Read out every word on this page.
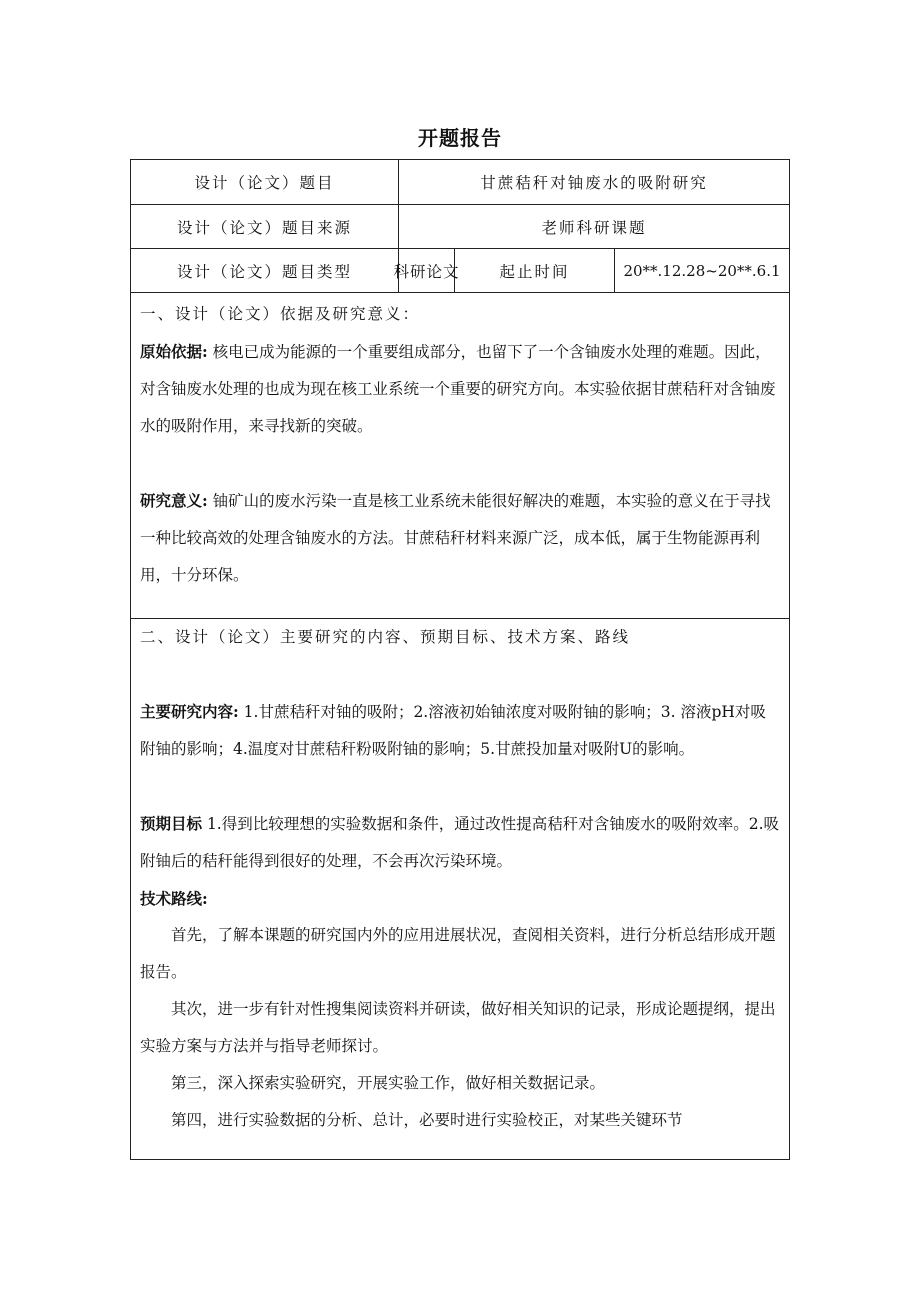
开题报告
设计（论文）题目	甘蔗秸秆对铀废水的吸附研究
设计（论文）题目来源	老师科研课题
设计（论文）题目类型	科研论文	起止时间	20**.12.28~20**.6.1

一、设计（论文）依据及研究意义：

原始依据: 核电已成为能源的一个重要组成部分，也留下了一个含铀废水处理的难题。因此，对含铀废水处理的也成为现在核工业系统一个重要的研究方向。本实验依据甘蔗秸秆对含铀废水的吸附作用，来寻找新的突破。

研究意义: 铀矿山的废水污染一直是核工业系统未能很好解决的难题，本实验的意义在于寻找一种比较高效的处理含铀废水的方法。甘蔗秸秆材料来源广泛，成本低，属于生物能源再利用，十分环保。

二、设计（论文）主要研究的内容、预期目标、技术方案、路线

主要研究内容: 1.甘蔗秸秆对铀的吸附；2.溶液初始铀浓度对吸附铀的影响；3. 溶液pH对吸附铀的影响；4.温度对甘蔗秸秆粉吸附铀的影响；5.甘蔗投加量对吸附U的影响。

预期目标 1.得到比较理想的实验数据和条件，通过改性提高秸秆对含铀废水的吸附效率。2.吸附铀后的秸秆能得到很好的处理，不会再次污染环境。

技术路线:

首先，了解本课题的研究国内外的应用进展状况，查阅相关资料，进行分析总结形成开题报告。

其次，进一步有针对性搜集阅读资料并研读，做好相关知识的记录，形成论题提纲，提出实验方案与方法并与指导老师探讨。

第三，深入探索实验研究，开展实验工作，做好相关数据记录。

第四，进行实验数据的分析、总计，必要时进行实验校正，对某些关键环节
